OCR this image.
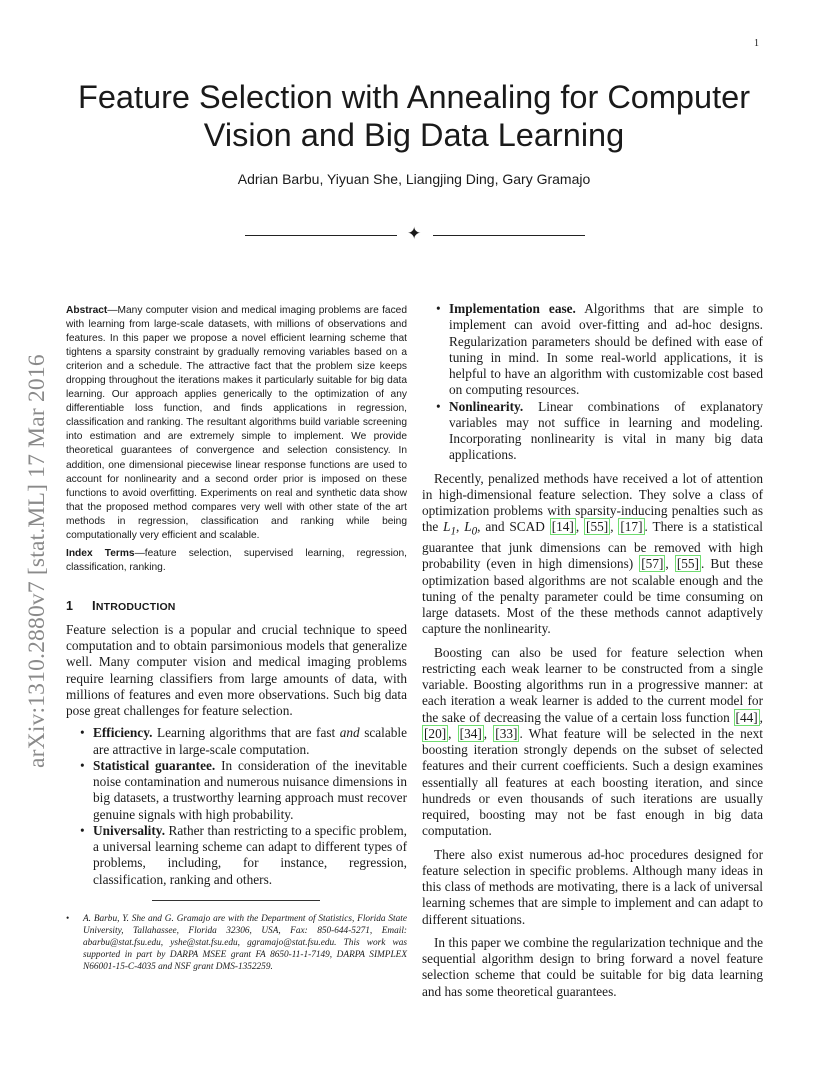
1
Feature Selection with Annealing for Computer Vision and Big Data Learning
Adrian Barbu, Yiyuan She, Liangjing Ding, Gary Gramajo
✦
arXiv:1310.2880v7 [stat.ML] 17 Mar 2016

Abstract—Many computer vision and medical imaging problems are faced with learning from large-scale datasets, with millions of observations and features. In this paper we propose a novel efficient learning scheme that tightens a sparsity constraint by gradually removing variables based on a criterion and a schedule. The attractive fact that the problem size keeps dropping throughout the iterations makes it particularly suitable for big data learning. Our approach applies generically to the optimization of any differentiable loss function, and finds applications in regression, classification and ranking. The resultant algorithms build variable screening into estimation and are extremely simple to implement. We provide theoretical guarantees of convergence and selection consistency. In addition, one dimensional piecewise linear response functions are used to account for nonlinearity and a second order prior is imposed on these functions to avoid overfitting. Experiments on real and synthetic data show that the proposed method compares very well with other state of the art methods in regression, classification and ranking while being computationally very efficient and scalable.

Index Terms—feature selection, supervised learning, regression, classification, ranking.

1 INTRODUCTION

Feature selection is a popular and crucial technique to speed computation and to obtain parsimonious models that generalize well. Many computer vision and medical imaging problems require learning classifiers from large amounts of data, with millions of features and even more observations. Such big data pose great challenges for feature selection.

• Efficiency. Learning algorithms that are fast and scalable are attractive in large-scale computation.
• Statistical guarantee. In consideration of the inevitable noise contamination and numerous nuisance dimensions in big datasets, a trustworthy learning approach must recover genuine signals with high probability.
• Universality. Rather than restricting to a specific problem, a universal learning scheme can adapt to different types of problems, including, for instance, regression, classification, ranking and others.
• A. Barbu, Y. She and G. Gramajo are with the Department of Statistics, Florida State University, Tallahassee, Florida 32306, USA, Fax: 850-644-5271, Email: abarbu@stat.fsu.edu, yshe@stat.fsu.edu, ggramajo@stat.fsu.edu. This work was supported in part by DARPA MSEE grant FA 8650-11-1-7149, DARPA SIMPLEX N66001-15-C-4035 and NSF grant DMS-1352259.
• Implementation ease. Algorithms that are simple to implement can avoid over-fitting and ad-hoc designs. Regularization parameters should be defined with ease of tuning in mind. In some real-world applications, it is helpful to have an algorithm with customizable cost based on computing resources.
• Nonlinearity. Linear combinations of explanatory variables may not suffice in learning and modeling. Incorporating nonlinearity is vital in many big data applications.

Recently, penalized methods have received a lot of attention in high-dimensional feature selection. They solve a class of optimization problems with sparsity-inducing penalties such as the $L_1$, $L_0$, and SCAD [14] , [55] , [17] . There is a statistical guarantee that junk dimensions can be removed with high probability (even in high dimensions) [57] , [55] . But these optimization based algorithms are not scalable enough and the tuning of the penalty parameter could be time consuming on large datasets. Most of the these methods cannot adaptively capture the nonlinearity.

Boosting can also be used for feature selection when restricting each weak learner to be constructed from a single variable. Boosting algorithms run in a progressive manner: at each iteration a weak learner is added to the current model for the sake of decreasing the value of a certain loss function [44] , [20] , [34] , [33] . What feature will be selected in the next boosting iteration strongly depends on the subset of selected features and their current coefficients. Such a design examines essentially all features at each boosting iteration, and since hundreds or even thousands of such iterations are usually required, boosting may not be fast enough in big data computation.

There also exist numerous ad-hoc procedures designed for feature selection in specific problems. Although many ideas in this class of methods are motivating, there is a lack of universal learning schemes that are simple to implement and can adapt to different situations.

In this paper we combine the regularization technique and the sequential algorithm design to bring forward a novel feature selection scheme that could be suitable for big data learning and has some theoretical guarantees.
